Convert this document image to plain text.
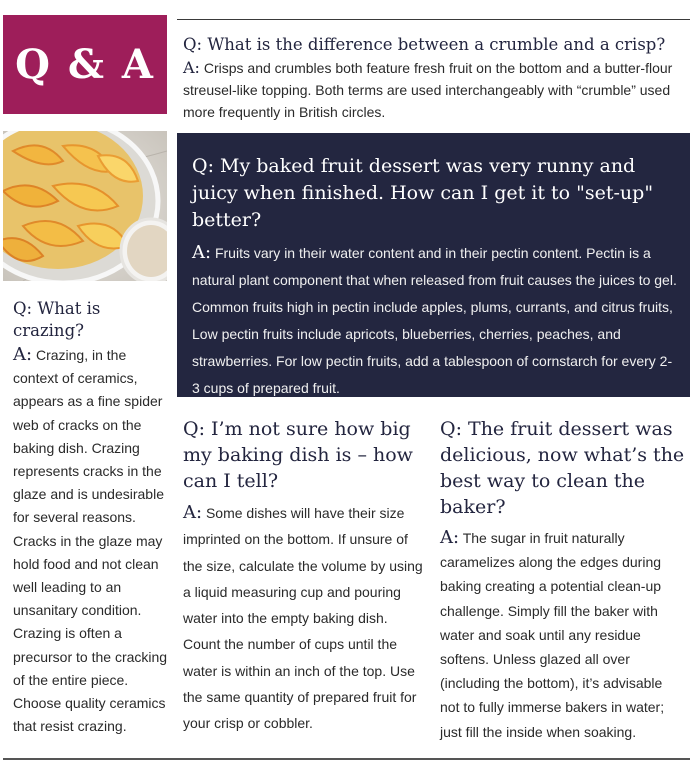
Q & A Q: What is the difference between a crumble and a crisp?

A: Crisps and crumbles both feature fresh fruit on the bottom and a butter-flour streusel-like topping. Both terms are used interchangeably with “crumble” used more frequently in British circles.

Q: My baked fruit dessert was very runny and juicy when finished. How can I get it to "set-up" better?

A: Fruits vary in their water content and in their pectin content. Pectin is a natural plant component that when released from fruit causes the juices to gel. Common fruits high in pectin include apples, plums, currants, and citrus fruits, Low pectin fruits include apricots, blueberries, cherries, peaches, and strawberries. For low pectin fruits, add a tablespoon of cornstarch for every 2-3 cups of prepared fruit.

Q: What is crazing?

A: Crazing, in the context of ceramics, appears as a fine spider web of cracks on the baking dish. Crazing represents cracks in the glaze and is undesirable for several reasons. Cracks in the glaze may hold food and not clean well leading to an unsanitary condition. Crazing is often a precursor to the cracking of the entire piece. Choose quality ceramics that resist crazing.

Q: I’m not sure how big my baking dish is – how can I tell?

A: Some dishes will have their size imprinted on the bottom. If unsure of the size, calculate the volume by using a liquid measuring cup and pouring water into the empty baking dish. Count the number of cups until the water is within an inch of the top. Use the same quantity of prepared fruit for your crisp or cobbler.

Q: The fruit dessert was delicious, now what’s the best way to clean the baker?

A: The sugar in fruit naturally caramelizes along the edges during baking creating a potential clean-up challenge. Simply fill the baker with water and soak until any residue softens. Unless glazed all over (including the bottom), it’s advisable not to fully immerse bakers in water; just fill the inside when soaking.
